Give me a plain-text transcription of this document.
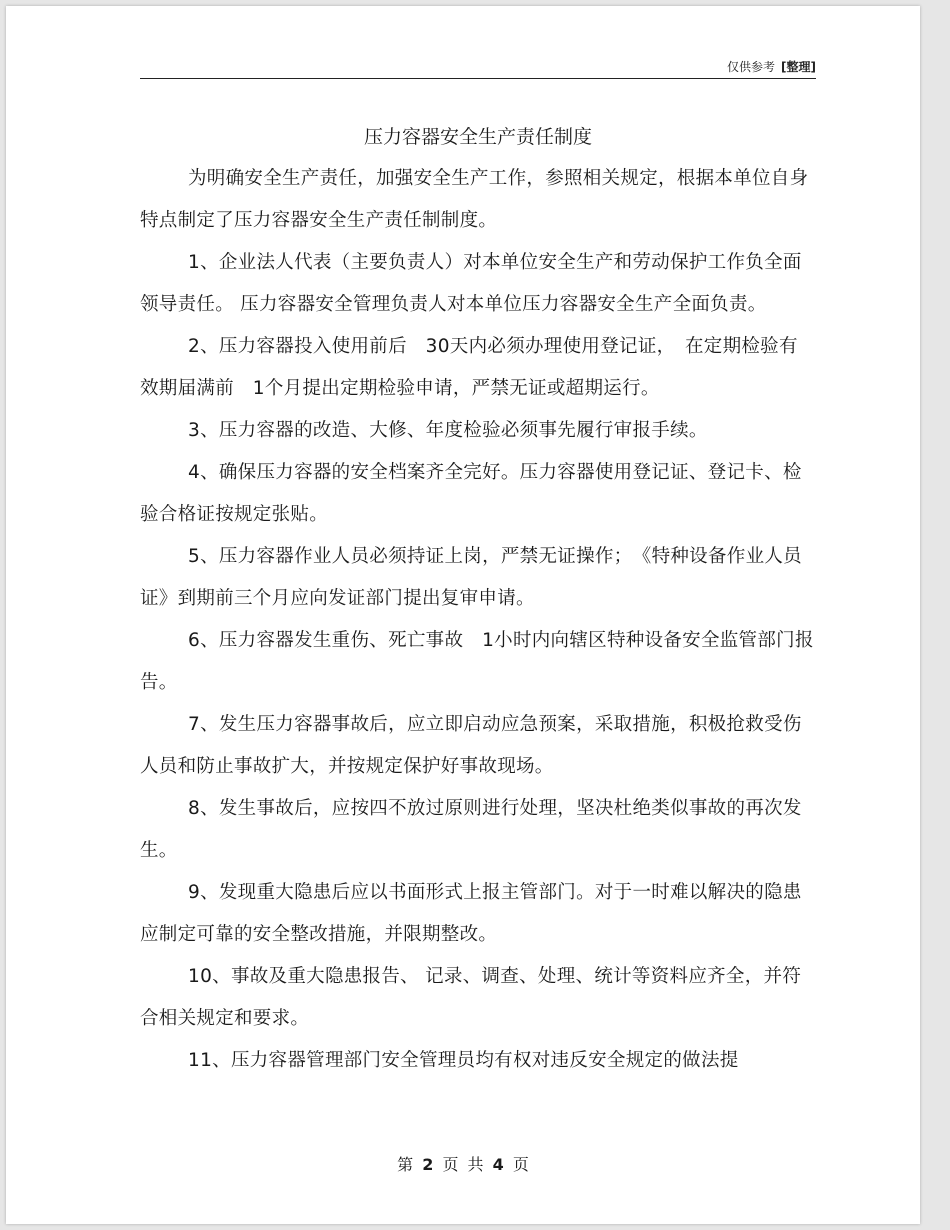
仅供参考 [整理]
压力容器安全生产责任制度

为明确安全生产责任，加强安全生产工作，参照相关规定，根据本单位自身特点制定了压力容器安全生产责任制制度。

1、企业法人代表（主要负责人）对本单位安全生产和劳动保护工作负全面领导责任。 压力容器安全管理负责人对本单位压力容器安全生产全面负责。

2、压力容器投入使用前后　30天内必须办理使用登记证，　在定期检验有效期届满前　1个月提出定期检验申请，严禁无证或超期运行。

3、压力容器的改造、大修、年度检验必须事先履行审报手续。

4、确保压力容器的安全档案齐全完好。压力容器使用登记证、登记卡、检验合格证按规定张贴。

5、压力容器作业人员必须持证上岗，严禁无证操作；　《特种设备作业人员证》到期前三个月应向发证部门提出复审申请。

6、压力容器发生重伤、死亡事故　1小时内向辖区特种设备安全监管部门报告。

7、发生压力容器事故后，应立即启动应急预案，采取措施，积极抢救受伤人员和防止事故扩大，并按规定保护好事故现场。

8、发生事故后，应按四不放过原则进行处理，坚决杜绝类似事故的再次发生。

9、发现重大隐患后应以书面形式上报主管部门。对于一时难以解决的隐患应制定可靠的安全整改措施，并限期整改。

10、事故及重大隐患报告、 记录、调查、处理、统计等资料应齐全，并符合相关规定和要求。

11、压力容器管理部门安全管理员均有权对违反安全规定的做法提

第 2 页 共 4 页
